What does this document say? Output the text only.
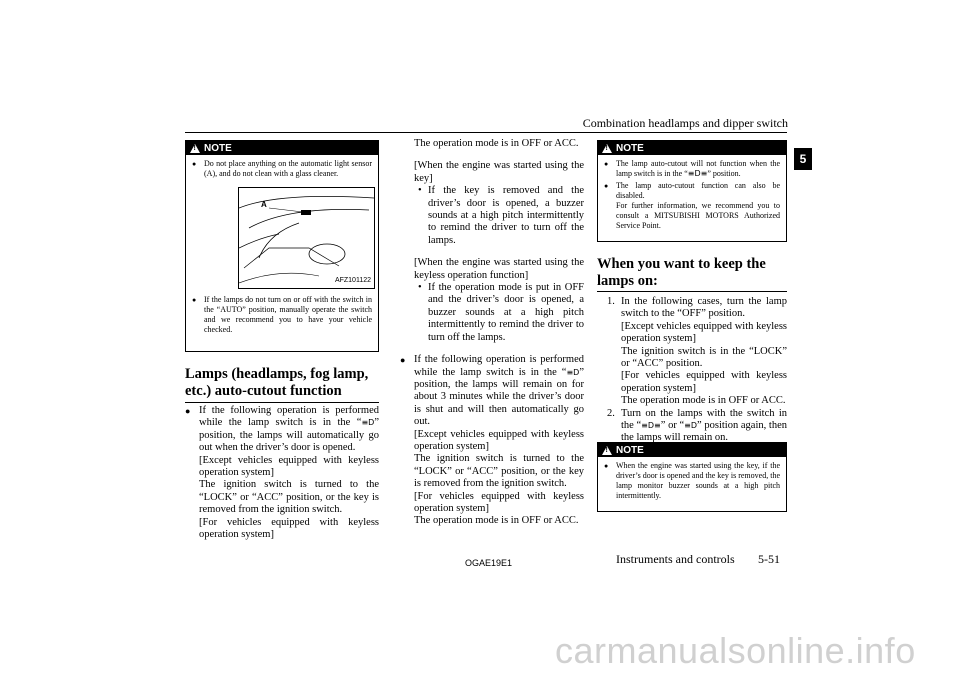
Combination headlamps and dipper switch
5
!
NOTE
● Do not place anything on the automatic light sensor (A), and do not clean with a glass cleaner.
A
AFZ101122
● If the lamps do not turn on or off with the switch in the “AUTO” position, manually operate the switch and we recommend you to have your vehicle checked.
Lamps (headlamps, fog lamp,
etc.) auto-cutout function
● If the following operation is performed while the lamp switch is in the “≡D” position, the lamps will automatically go out when the driver’s door is opened.
[Except vehicles equipped with keyless operation system]
The ignition switch is turned to the “LOCK” or “ACC” position, or the key is removed from the ignition switch.
[For vehicles equipped with keyless operation system]
The operation mode is in OFF or ACC.
[When the engine was started using the key]
• If the key is removed and the driver’s door is opened, a buzzer sounds at a high pitch intermittently to remind the driver to turn off the lamps.
[When the engine was started using the keyless operation function]
• If the operation mode is put in OFF and the driver’s door is opened, a buzzer sounds at a high pitch intermittently to remind the driver to turn off the lamps.
● If the following operation is performed while the lamp switch is in the “≡D” position, the lamps will remain on for about 3 minutes while the driver’s door is shut and will then automatically go out.
[Except vehicles equipped with keyless operation system]
The ignition switch is turned to the “LOCK” or “ACC” position, or the key is removed from the ignition switch.
[For vehicles equipped with keyless operation system]
The operation mode is in OFF or ACC.
!
NOTE
● The lamp auto-cutout will not function when the lamp switch is in the “≡D≡” position.
● The lamp auto-cutout function can also be disabled.
For further information, we recommend you to consult a MITSUBISHI MOTORS Authorized Service Point.
When you want to keep the
lamps on:
1. In the following cases, turn the lamp switch to the “OFF” position.
[Except vehicles equipped with keyless operation system]
The ignition switch is in the “LOCK” or “ACC” position.
[For vehicles equipped with keyless operation system]
The operation mode is in OFF or ACC.
2. Turn on the lamps with the switch in the “≡D≡” or “≡D” position again, then the lamps will remain on.
!
NOTE
● When the engine was started using the key, if the driver’s door is opened and the key is removed, the lamp monitor buzzer sounds at a high pitch intermittently.
OGAE19E1	Instruments and controls 5-51
carmanualsonline.info
